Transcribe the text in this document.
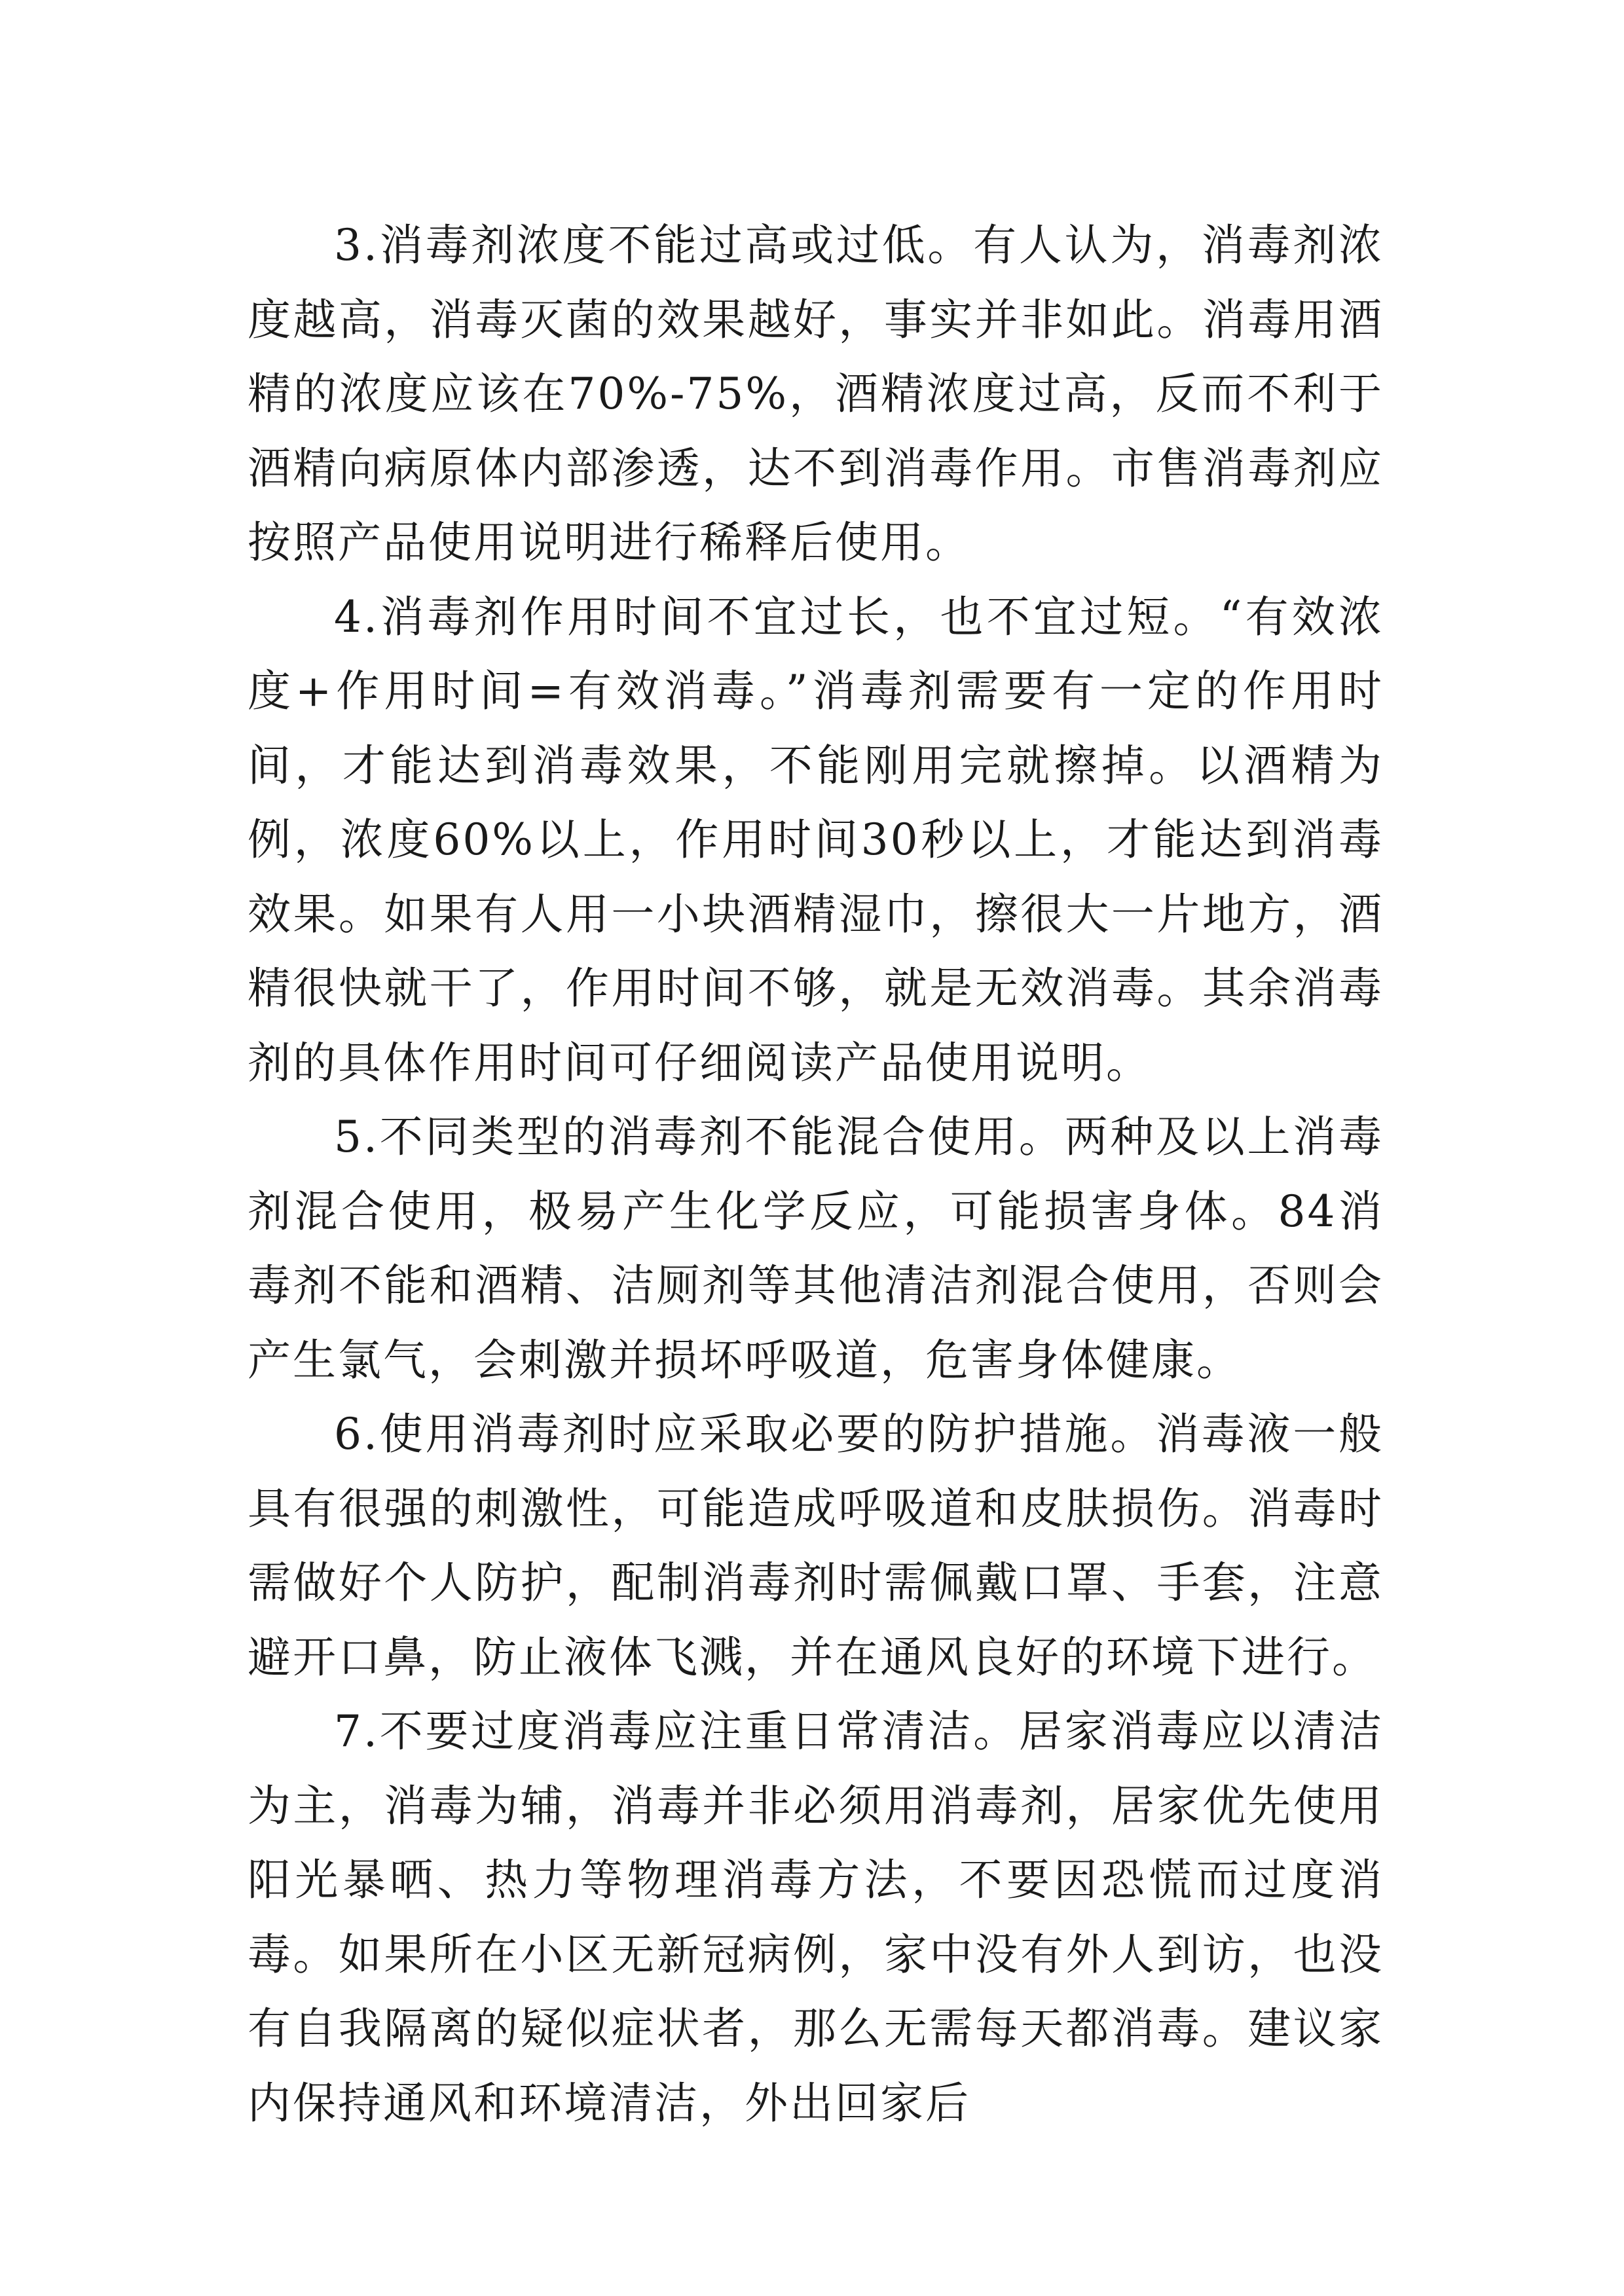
3.消毒剂浓度不能过高或过低。有人认为，消毒剂浓度越高，消毒灭菌的效果越好，事实并非如此。消毒用酒精的浓度应该在70%-75%，酒精浓度过高，反而不利于酒精向病原体内部渗透，达不到消毒作用。市售消毒剂应按照产品使用说明进行稀释后使用。

4.消毒剂作用时间不宜过长，也不宜过短。“有效浓度+作用时间=有效消毒。”消毒剂需要有一定的作用时间，才能达到消毒效果，不能刚用完就擦掉。以酒精为例，浓度60%以上，作用时间30秒以上，才能达到消毒效果。如果有人用一小块酒精湿巾，擦很大一片地方，酒精很快就干了，作用时间不够，就是无效消毒。其余消毒剂的具体作用时间可仔细阅读产品使用说明。

5.不同类型的消毒剂不能混合使用。两种及以上消毒剂混合使用，极易产生化学反应，可能损害身体。84消毒剂不能和酒精、洁厕剂等其他清洁剂混合使用，否则会产生氯气，会刺激并损坏呼吸道，危害身体健康。

6.使用消毒剂时应采取必要的防护措施。消毒液一般具有很强的刺激性，可能造成呼吸道和皮肤损伤。消毒时需做好个人防护，配制消毒剂时需佩戴口罩、手套，注意避开口鼻，防止液体飞溅，并在通风良好的环境下进行。

7.不要过度消毒应注重日常清洁。居家消毒应以清洁为主，消毒为辅，消毒并非必须用消毒剂，居家优先使用阳光暴晒、热力等物理消毒方法，不要因恐慌而过度消毒。如果所在小区无新冠病例，家中没有外人到访，也没有自我隔离的疑似症状者，那么无需每天都消毒。建议家内保持通风和环境清洁，外出回家后
